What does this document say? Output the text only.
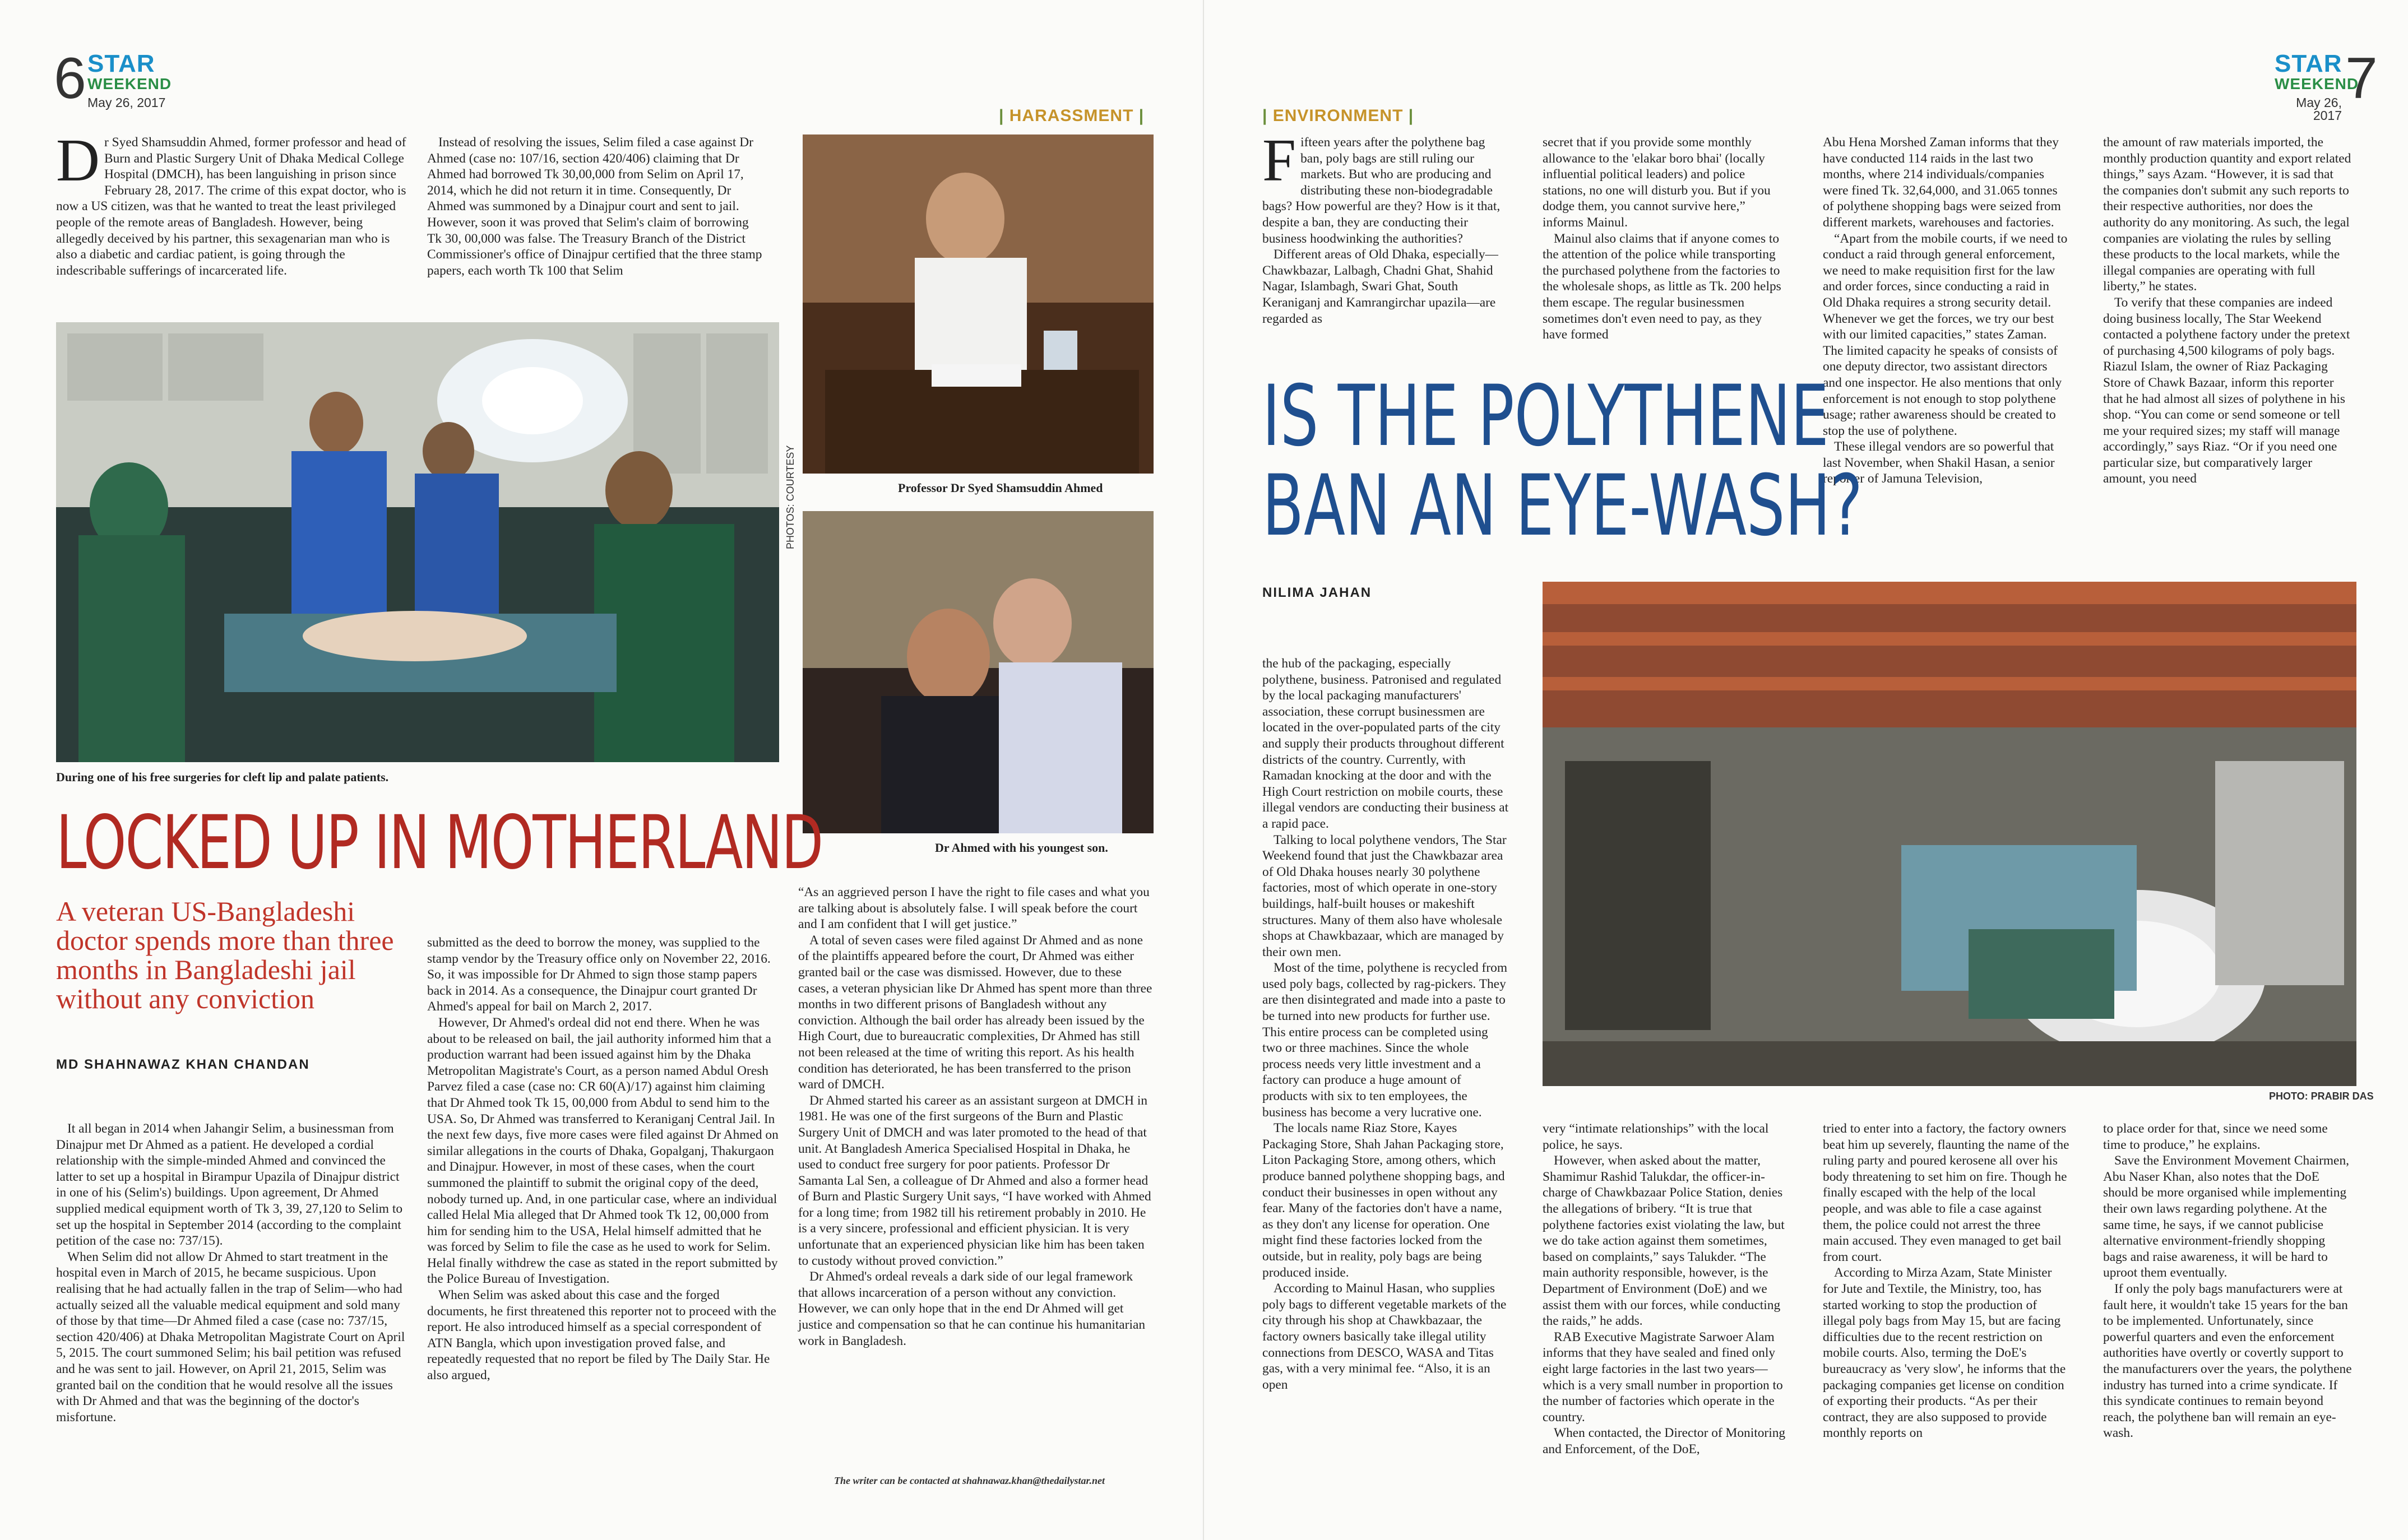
6 STAR
WEEKEND
May 26, 2017
| HARASSMENT |
D r Syed Shamsuddin Ahmed, former professor and head of Burn and Plastic Surgery Unit of Dhaka Medical College Hospital (DMCH), has been languishing in prison since February 28, 2017. The crime of this expat doctor, who is now a US citizen, was that he wanted to treat the least privileged people of the remote areas of Bangladesh. However, being allegedly deceived by his partner, this sexagenarian man who is also a diabetic and cardiac patient, is going through the indescribable sufferings of incarcerated life.

Instead of resolving the issues, Selim filed a case against Dr Ahmed (case no: 107/16, section 420/406) claiming that Dr Ahmed had borrowed Tk 30,00,000 from Selim on April 17, 2014, which he did not return it in time. Consequently, Dr Ahmed was summoned by a Dinajpur court and sent to jail. However, soon it was proved that Selim's claim of borrowing Tk 30, 00,000 was false. The Treasury Branch of the District Commissioner's office of Dinajpur certified that the three stamp papers, each worth Tk 100 that Selim

PHOTOS: COURTESY
During one of his free surgeries for cleft lip and palate patients.
Professor Dr Syed Shamsuddin Ahmed
Dr Ahmed with his youngest son.
LOCKED UP IN MOTHERLAND
A veteran US-Bangladeshi doctor spends more than three months in Bangladeshi jail without any conviction
MD SHAHNAWAZ KHAN CHANDAN

It all began in 2014 when Jahangir Selim, a businessman from Dinajpur met Dr Ahmed as a patient. He developed a cordial relationship with the simple-minded Ahmed and convinced the latter to set up a hospital in Birampur Upazila of Dinajpur district in one of his (Selim's) buildings. Upon agreement, Dr Ahmed supplied medical equipment worth of Tk 3, 39, 27,120 to Selim to set up the hospital in September 2014 (according to the complaint petition of the case no: 737/15).

When Selim did not allow Dr Ahmed to start treatment in the hospital even in March of 2015, he became suspicious. Upon realising that he had actually fallen in the trap of Selim—who had actually seized all the valuable medical equipment and sold many of those by that time—Dr Ahmed filed a case (case no: 737/15, section 420/406) at Dhaka Metropolitan Magistrate Court on April 5, 2015. The court summoned Selim; his bail petition was refused and he was sent to jail. However, on April 21, 2015, Selim was granted bail on the condition that he would resolve all the issues with Dr Ahmed and that was the beginning of the doctor's misfortune.

submitted as the deed to borrow the money, was supplied to the stamp vendor by the Treasury office only on November 22, 2016. So, it was impossible for Dr Ahmed to sign those stamp papers back in 2014. As a consequence, the Dinajpur court granted Dr Ahmed's appeal for bail on March 2, 2017.

However, Dr Ahmed's ordeal did not end there. When he was about to be released on bail, the jail authority informed him that a production warrant had been issued against him by the Dhaka Metropolitan Magistrate's Court, as a person named Abdul Oresh Parvez filed a case (case no: CR 60(A)/17) against him claiming that Dr Ahmed took Tk 15, 00,000 from Abdul to send him to the USA. So, Dr Ahmed was transferred to Keraniganj Central Jail. In the next few days, five more cases were filed against Dr Ahmed on similar allegations in the courts of Dhaka, Gopalganj, Thakurgaon and Dinajpur. However, in most of these cases, when the court summoned the plaintiff to submit the original copy of the deed, nobody turned up. And, in one particular case, where an individual called Helal Mia alleged that Dr Ahmed took Tk 12, 00,000 from him for sending him to the USA, Helal himself admitted that he was forced by Selim to file the case as he used to work for Selim. Helal finally withdrew the case as stated in the report submitted by the Police Bureau of Investigation.

When Selim was asked about this case and the forged documents, he first threatened this reporter not to proceed with the report. He also introduced himself as a special correspondent of ATN Bangla, which upon investigation proved false, and repeatedly requested that no report be filed by The Daily Star. He also argued,

“As an aggrieved person I have the right to file cases and what you are talking about is absolutely false. I will speak before the court and I am confident that I will get justice.”

A total of seven cases were filed against Dr Ahmed and as none of the plaintiffs appeared before the court, Dr Ahmed was either granted bail or the case was dismissed. However, due to these cases, a veteran physician like Dr Ahmed has spent more than three months in two different prisons of Bangladesh without any conviction. Although the bail order has already been issued by the High Court, due to bureaucratic complexities, Dr Ahmed has still not been released at the time of writing this report. As his health condition has deteriorated, he has been transferred to the prison ward of DMCH.

Dr Ahmed started his career as an assistant surgeon at DMCH in 1981. He was one of the first surgeons of the Burn and Plastic Surgery Unit of DMCH and was later promoted to the head of that unit. At Bangladesh America Specialised Hospital in Dhaka, he used to conduct free surgery for poor patients. Professor Dr Samanta Lal Sen, a colleague of Dr Ahmed and also a former head of Burn and Plastic Surgery Unit says, “I have worked with Ahmed for a long time; from 1982 till his retirement probably in 2010. He is a very sincere, professional and efficient physician. It is very unfortunate that an experienced physician like him has been taken to custody without proved conviction.”

Dr Ahmed's ordeal reveals a dark side of our legal framework that allows incarceration of a person without any conviction. However, we can only hope that in the end Dr Ahmed will get justice and compensation so that he can continue his humanitarian work in Bangladesh.

The writer can be contacted at shahnawaz.khan@thedailystar.net
STAR
WEEKEND
May 26, 2017
7
| ENVIRONMENT |
F ifteen years after the polythene bag ban, poly bags are still ruling our markets. But who are producing and distributing these non-biodegradable bags? How powerful are they? How is it that, despite a ban, they are conducting their business hoodwinking the authorities?

Different areas of Old Dhaka, especially—Chawkbazar, Lalbagh, Chadni Ghat, Shahid Nagar, Islambagh, Swari Ghat, South Keraniganj and Kamrangirchar upazila—are regarded as

secret that if you provide some monthly allowance to the 'elakar boro bhai' (locally influential political leaders) and police stations, no one will disturb you. But if you dodge them, you cannot survive here,” informs Mainul.

Mainul also claims that if anyone comes to the attention of the police while transporting the purchased polythene from the factories to the wholesale shops, as little as Tk. 200 helps them escape. The regular businessmen sometimes don't even need to pay, as they have formed

Abu Hena Morshed Zaman informs that they have conducted 114 raids in the last two months, where 214 individuals/companies were fined Tk. 32,64,000, and 31.065 tonnes of polythene shopping bags were seized from different markets, warehouses and factories.

“Apart from the mobile courts, if we need to conduct a raid through general enforcement, we need to make requisition first for the law and order forces, since conducting a raid in Old Dhaka requires a strong security detail. Whenever we get the forces, we try our best with our limited capacities,” states Zaman. The limited capacity he speaks of consists of one deputy director, two assistant directors and one inspector. He also mentions that only enforcement is not enough to stop polythene usage; rather awareness should be created to stop the use of polythene.

These illegal vendors are so powerful that last November, when Shakil Hasan, a senior reporter of Jamuna Television,

the amount of raw materials imported, the monthly production quantity and export related things,” says Azam. “However, it is sad that the companies don't submit any such reports to their respective authorities, nor does the authority do any monitoring. As such, the legal companies are violating the rules by selling these products to the local markets, while the illegal companies are operating with full liberty,” he states.

To verify that these companies are indeed doing business locally, The Star Weekend contacted a polythene factory under the pretext of purchasing 4,500 kilograms of poly bags. Riazul Islam, the owner of Riaz Packaging Store of Chawk Bazaar, inform this reporter that he had almost all sizes of polythene in his shop. “You can come or send someone or tell me your required sizes; my staff will manage accordingly,” says Riaz. “Or if you need one particular size, but comparatively larger amount, you need

IS THE POLYTHENE
BAN AN EYE-WASH?
NILIMA JAHAN

the hub of the packaging, especially polythene, business. Patronised and regulated by the local packaging manufacturers' association, these corrupt businessmen are located in the over-populated parts of the city and supply their products throughout different districts of the country. Currently, with Ramadan knocking at the door and with the High Court restriction on mobile courts, these illegal vendors are conducting their business at a rapid pace.

Talking to local polythene vendors, The Star Weekend found that just the Chawkbazar area of Old Dhaka houses nearly 30 polythene factories, most of which operate in one-story buildings, half-built houses or makeshift structures. Many of them also have wholesale shops at Chawkbazaar, which are managed by their own men.

Most of the time, polythene is recycled from used poly bags, collected by rag-pickers. They are then disintegrated and made into a paste to be turned into new products for further use. This entire process can be completed using two or three machines. Since the whole process needs very little investment and a factory can produce a huge amount of products with six to ten employees, the business has become a very lucrative one.

The locals name Riaz Store, Kayes Packaging Store, Shah Jahan Packaging store, Liton Packaging Store, among others, which produce banned polythene shopping bags, and conduct their businesses in open without any fear. Many of the factories don't have a name, as they don't any license for operation. One might find these factories locked from the outside, but in reality, poly bags are being produced inside.

According to Mainul Hasan, who supplies poly bags to different vegetable markets of the city through his shop at Chawkbazaar, the factory owners basically take illegal utility connections from DESCO, WASA and Titas gas, with a very minimal fee. “Also, it is an open

PHOTO: PRABIR DAS

very “intimate relationships” with the local police, he says.

However, when asked about the matter, Shamimur Rashid Talukdar, the officer-in-charge of Chawkbazaar Police Station, denies the allegations of bribery. “It is true that polythene factories exist violating the law, but we do take action against them sometimes, based on complaints,” says Talukder. “The main authority responsible, however, is the Department of Environment (DoE) and we assist them with our forces, while conducting the raids,” he adds.

RAB Executive Magistrate Sarwoer Alam informs that they have sealed and fined only eight large factories in the last two years—which is a very small number in proportion to the number of factories which operate in the country.

When contacted, the Director of Monitoring and Enforcement, of the DoE,

tried to enter into a factory, the factory owners beat him up severely, flaunting the name of the ruling party and poured kerosene all over his body threatening to set him on fire. Though he finally escaped with the help of the local people, and was able to file a case against them, the police could not arrest the three main accused. They even managed to get bail from court.

According to Mirza Azam, State Minister for Jute and Textile, the Ministry, too, has started working to stop the production of illegal poly bags from May 15, but are facing difficulties due to the recent restriction on mobile courts. Also, terming the DoE's bureaucracy as 'very slow', he informs that the packaging companies get license on condition of exporting their products. “As per their contract, they are also supposed to provide monthly reports on

to place order for that, since we need some time to produce,” he explains.

Save the Environment Movement Chairmen, Abu Naser Khan, also notes that the DoE should be more organised while implementing their own laws regarding polythene. At the same time, he says, if we cannot publicise alternative environment-friendly shopping bags and raise awareness, it will be hard to uproot them eventually.

If only the poly bags manufacturers were at fault here, it wouldn't take 15 years for the ban to be implemented. Unfortunately, since powerful quarters and even the enforcement authorities have overtly or covertly support to the manufacturers over the years, the polythene industry has turned into a crime syndicate. If this syndicate continues to remain beyond reach, the polythene ban will remain an eye-wash.
